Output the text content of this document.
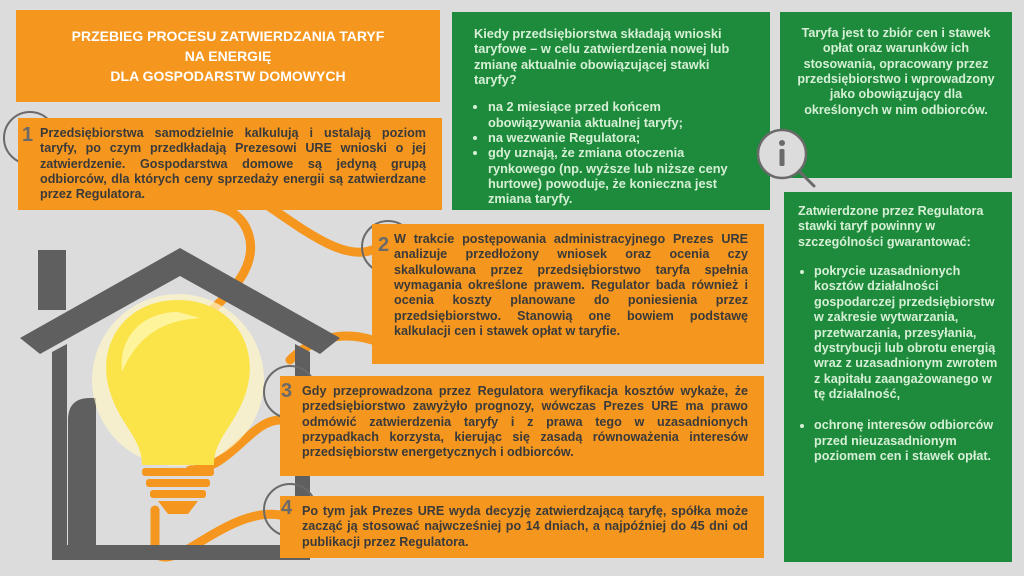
PRZEBIEG PROCESU ZATWIERDZANIA TARYF
NA ENERGIĘ
DLA GOSPODARSTW DOMOWYCH
Przedsiębiorstwa samodzielnie kalkulują i ustalają poziom taryfy, po czym przedkładają Prezesowi URE wnioski o jej zatwierdzenie. Gospodarstwa domowe są jedyną grupą odbiorców, dla których ceny sprzedaży energii są zatwierdzane przez Regulatora.
W trakcie postępowania administracyjnego Prezes URE analizuje przedłożony wniosek oraz ocenia czy skalkulowana przez przedsiębiorstwo taryfa spełnia wymagania określone prawem. Regulator bada również i ocenia koszty planowane do poniesienia przez przedsiębiorstwo. Stanowią one bowiem podstawę kalkulacji cen i stawek opłat w taryfie.
Gdy przeprowadzona przez Regulatora weryfikacja kosztów wykaże, że przedsiębiorstwo zawyżyło prognozy, wówczas Prezes URE ma prawo odmówić zatwierdzenia taryfy i z prawa tego w uzasadnionych przypadkach korzysta, kierując się zasadą równoważenia interesów przedsiębiorstw energetycznych i odbiorców.
Po tym jak Prezes URE wyda decyzję zatwierdzającą taryfę, spółka może zacząć ją stosować najwcześniej po 14 dniach, a najpóźniej do 45 dni od publikacji przez Regulatora.
1
2
3
4
Kiedy przedsiębiorstwa składają wnioski taryfowe – w celu zatwierdzenia nowej lub zmianę aktualnie obowiązującej stawki taryfy?
• na 2 miesiące przed końcem obowiązywania aktualnej taryfy;
• na wezwanie Regulatora;
• gdy uznają, że zmiana otoczenia rynkowego (np. wyższe lub niższe ceny hurtowe) powoduje, że konieczna jest zmiana taryfy.
Taryfa jest to zbiór cen i stawek opłat oraz warunków ich stosowania, opracowany przez przedsiębiorstwo i wprowadzony jako obowiązujący dla określonych w nim odbiorców.
Zatwierdzone przez Regulatora stawki taryf powinny w szczególności gwarantować:
• pokrycie uzasadnionych kosztów działalności gospodarczej przedsiębiorstw w zakresie wytwarzania, przetwarzania, przesyłania, dystrybucji lub obrotu energią wraz z uzasadnionym zwrotem z kapitału zaangażowanego w tę działalność,
• ochronę interesów odbiorców przed nieuzasadnionym poziomem cen i stawek opłat.
